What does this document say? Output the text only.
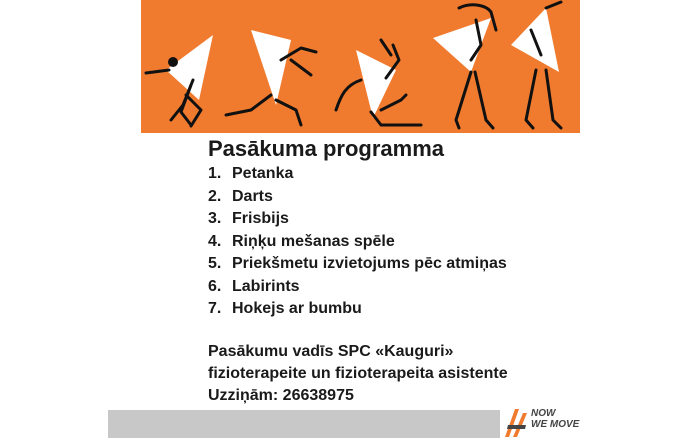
Pasākuma programma
1. Petanka
2. Darts
3. Frisbijs
4. Riņķu mešanas spēle
5. Priekšmetu izvietojums pēc atmiņas
6. Labirints
7. Hokejs ar bumbu
Pasākumu vadīs SPC «Kauguri»
fizioterapeite un fizioterapeita asistente
Uzziņām: 26638975
NOW
WE MOVE
